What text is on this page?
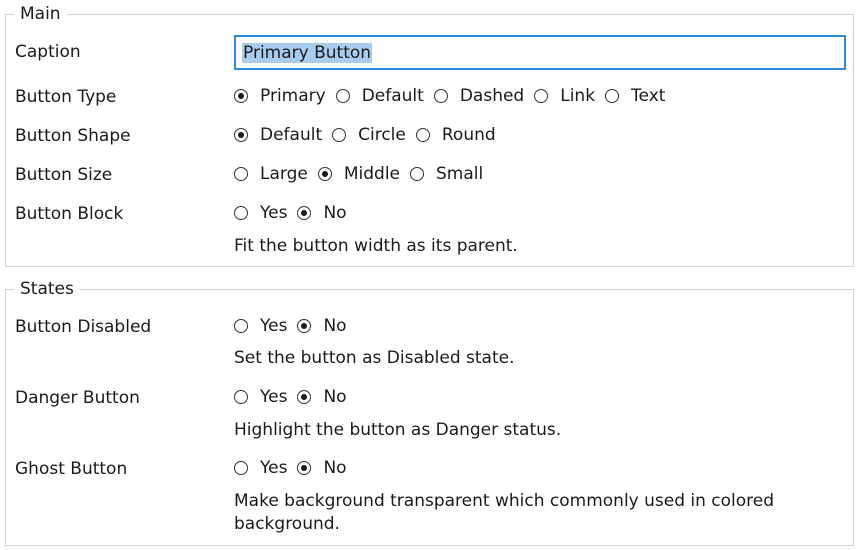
Main
Caption	Primary Button
Button Type	Primary Default Dashed Link Text
Button Shape	Default Circle Round
Button Size	Large Middle Small
Button Block	Yes No
Fit the button width as its parent.
States
Button Disabled	Yes No
Set the button as Disabled state.
Danger Button	Yes No
Highlight the button as Danger status.
Ghost Button	Yes No
Make background transparent which commonly used in colored background.
